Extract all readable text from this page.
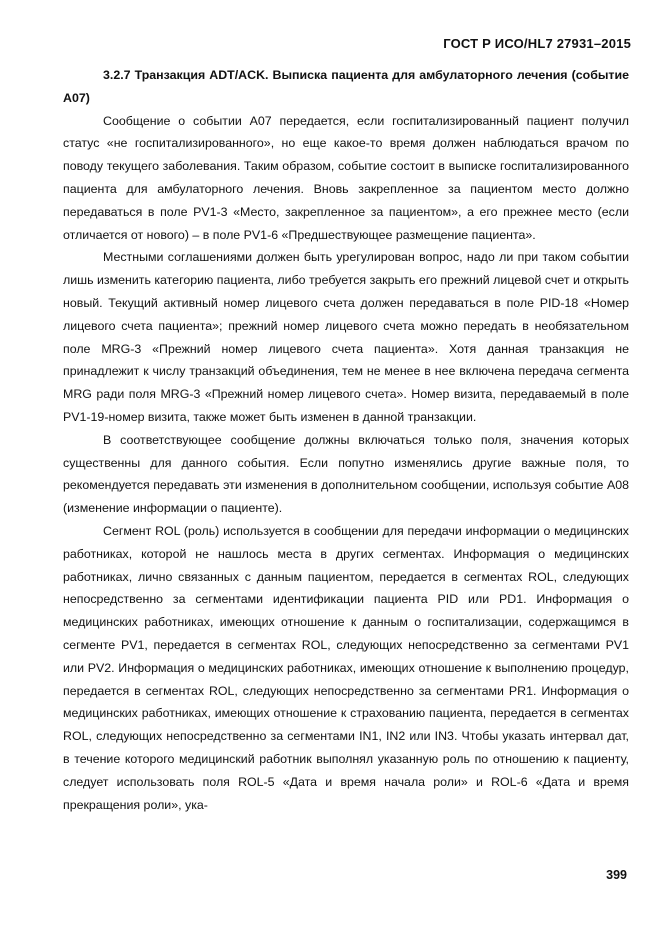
ГОСТ Р ИСО/HL7 27931–2015

3.2.7 Транзакция ADT/ACK. Выписка пациента для амбулаторного лечения (событие A07)

Сообщение о событии A07 передается, если госпитализированный пациент получил статус «не госпитализированного», но еще какое-то время должен наблюдаться врачом по поводу текущего заболевания. Таким образом, событие состоит в выписке госпитализированного пациента для амбулаторного лечения. Вновь закрепленное за пациентом место должно передаваться в поле PV1-3 «Место, закрепленное за пациентом», а его прежнее место (если отличается от нового) – в поле PV1-6 «Предшествующее размещение пациента».

Местными соглашениями должен быть урегулирован вопрос, надо ли при таком событии лишь изменить категорию пациента, либо требуется закрыть его прежний лицевой счет и открыть новый. Текущий активный номер лицевого счета должен передаваться в поле PID-18 «Номер лицевого счета пациента»; прежний номер лицевого счета можно передать в необязательном поле MRG-3 «Прежний номер лицевого счета пациента». Хотя данная транзакция не принадлежит к числу транзакций объединения, тем не менее в нее включена передача сегмента MRG ради поля MRG-3 «Прежний номер лицевого счета». Номер визита, передаваемый в поле PV1-19-номер визита, также может быть изменен в данной транзакции.

В соответствующее сообщение должны включаться только поля, значения которых существенны для данного события. Если попутно изменялись другие важные поля, то рекомендуется передавать эти изменения в дополнительном сообщении, используя событие A08 (изменение информации о пациенте).

Сегмент ROL (роль) используется в сообщении для передачи информации о медицинских работниках, которой не нашлось места в других сегментах. Информация о медицинских работниках, лично связанных с данным пациентом, передается в сегментах ROL, следующих непосредственно за сегментами идентификации пациента PID или PD1. Информация о медицинских работниках, имеющих отношение к данным о госпитализации, содержащимся в сегменте PV1, передается в сегментах ROL, следующих непосредственно за сегментами PV1 или PV2. Информация о медицинских работниках, имеющих отношение к выполнению процедур, передается в сегментах ROL, следующих непосредственно за сегментами PR1. Информация о медицинских работниках, имеющих отношение к страхованию пациента, передается в сегментах ROL, следующих непосредственно за сегментами IN1, IN2 или IN3. Чтобы указать интервал дат, в течение которого медицинский работник выполнял указанную роль по отношению к пациенту, следует использовать поля ROL-5 «Дата и время начала роли» и ROL-6 «Дата и время прекращения роли», ука-

399
